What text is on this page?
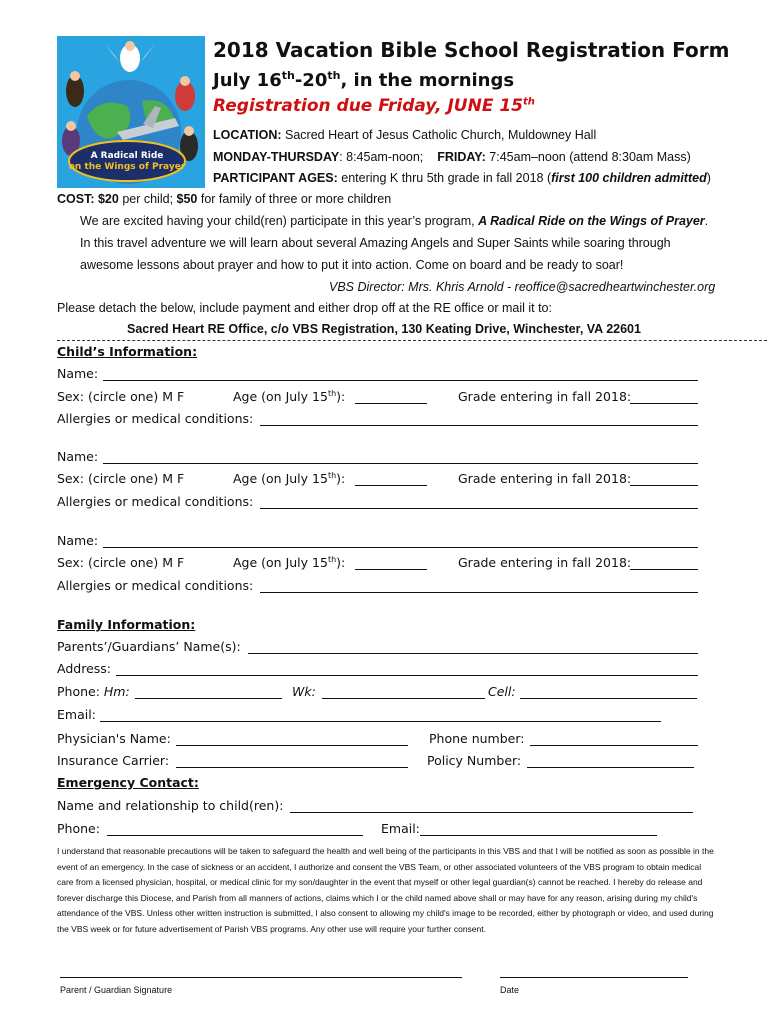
A Radical Ride
on the Wings of Prayer
2018 Vacation Bible School Registration Form
July 16th-20th, in the mornings
Registration due Friday, JUNE 15th
LOCATION: Sacred Heart of Jesus Catholic Church, Muldowney Hall
MONDAY-THURSDAY: 8:45am-noon; FRIDAY: 7:45am–noon (attend 8:30am Mass)
PARTICIPANT AGES: entering K thru 5th grade in fall 2018 (first 100 children admitted)
COST: $20 per child; $50 for family of three or more children
We are excited having your child(ren) participate in this year’s program, A Radical Ride on the Wings of Prayer.
In this travel adventure we will learn about several Amazing Angels and Super Saints while soaring through
awesome lessons about prayer and how to put it into action. Come on board and be ready to soar!
VBS Director: Mrs. Khris Arnold - reoffice@sacredheartwinchester.org
Please detach the below, include payment and either drop off at the RE office or mail it to:
Sacred Heart RE Office, c/o VBS Registration, 130 Keating Drive, Winchester, VA 22601
Child’s Information:
Name:
Sex: (circle one) M F	Age (on July 15th):	Grade entering in fall 2018:
Allergies or medical conditions:
Name:
Sex: (circle one) M F	Age (on July 15th):	Grade entering in fall 2018:
Allergies or medical conditions:
Name:
Sex: (circle one) M F	Age (on July 15th):	Grade entering in fall 2018:
Allergies or medical conditions:
Family Information:
Parents’/Guardians’ Name(s):
Address:
Phone: Hm:	Wk:	Cell:
Email:
Physician's Name:	Phone number:
Insurance Carrier:	Policy Number:
Emergency Contact:
Name and relationship to child(ren):
Phone:	Email:
I understand that reasonable precautions will be taken to safeguard the health and well being of the participants in this VBS and that I will be notified as soon as possible in the event of an emergency. In the case of sickness or an accident, I authorize and consent the VBS Team, or other associated volunteers of the VBS program to obtain medical care from a licensed physician, hospital, or medical clinic for my son/daughter in the event that myself or other legal guardian(s) cannot be reached. I hereby do release and forever discharge this Diocese, and Parish from all manners of actions, claims which I or the child named above shall or may have for any reason, arising during my child's attendance of the VBS. Unless other written instruction is submitted, I also consent to allowing my child's image to be recorded, either by photograph or video, and used during the VBS week or for future advertisement of Parish VBS programs. Any other use will require your further consent.
Parent / Guardian Signature	Date
